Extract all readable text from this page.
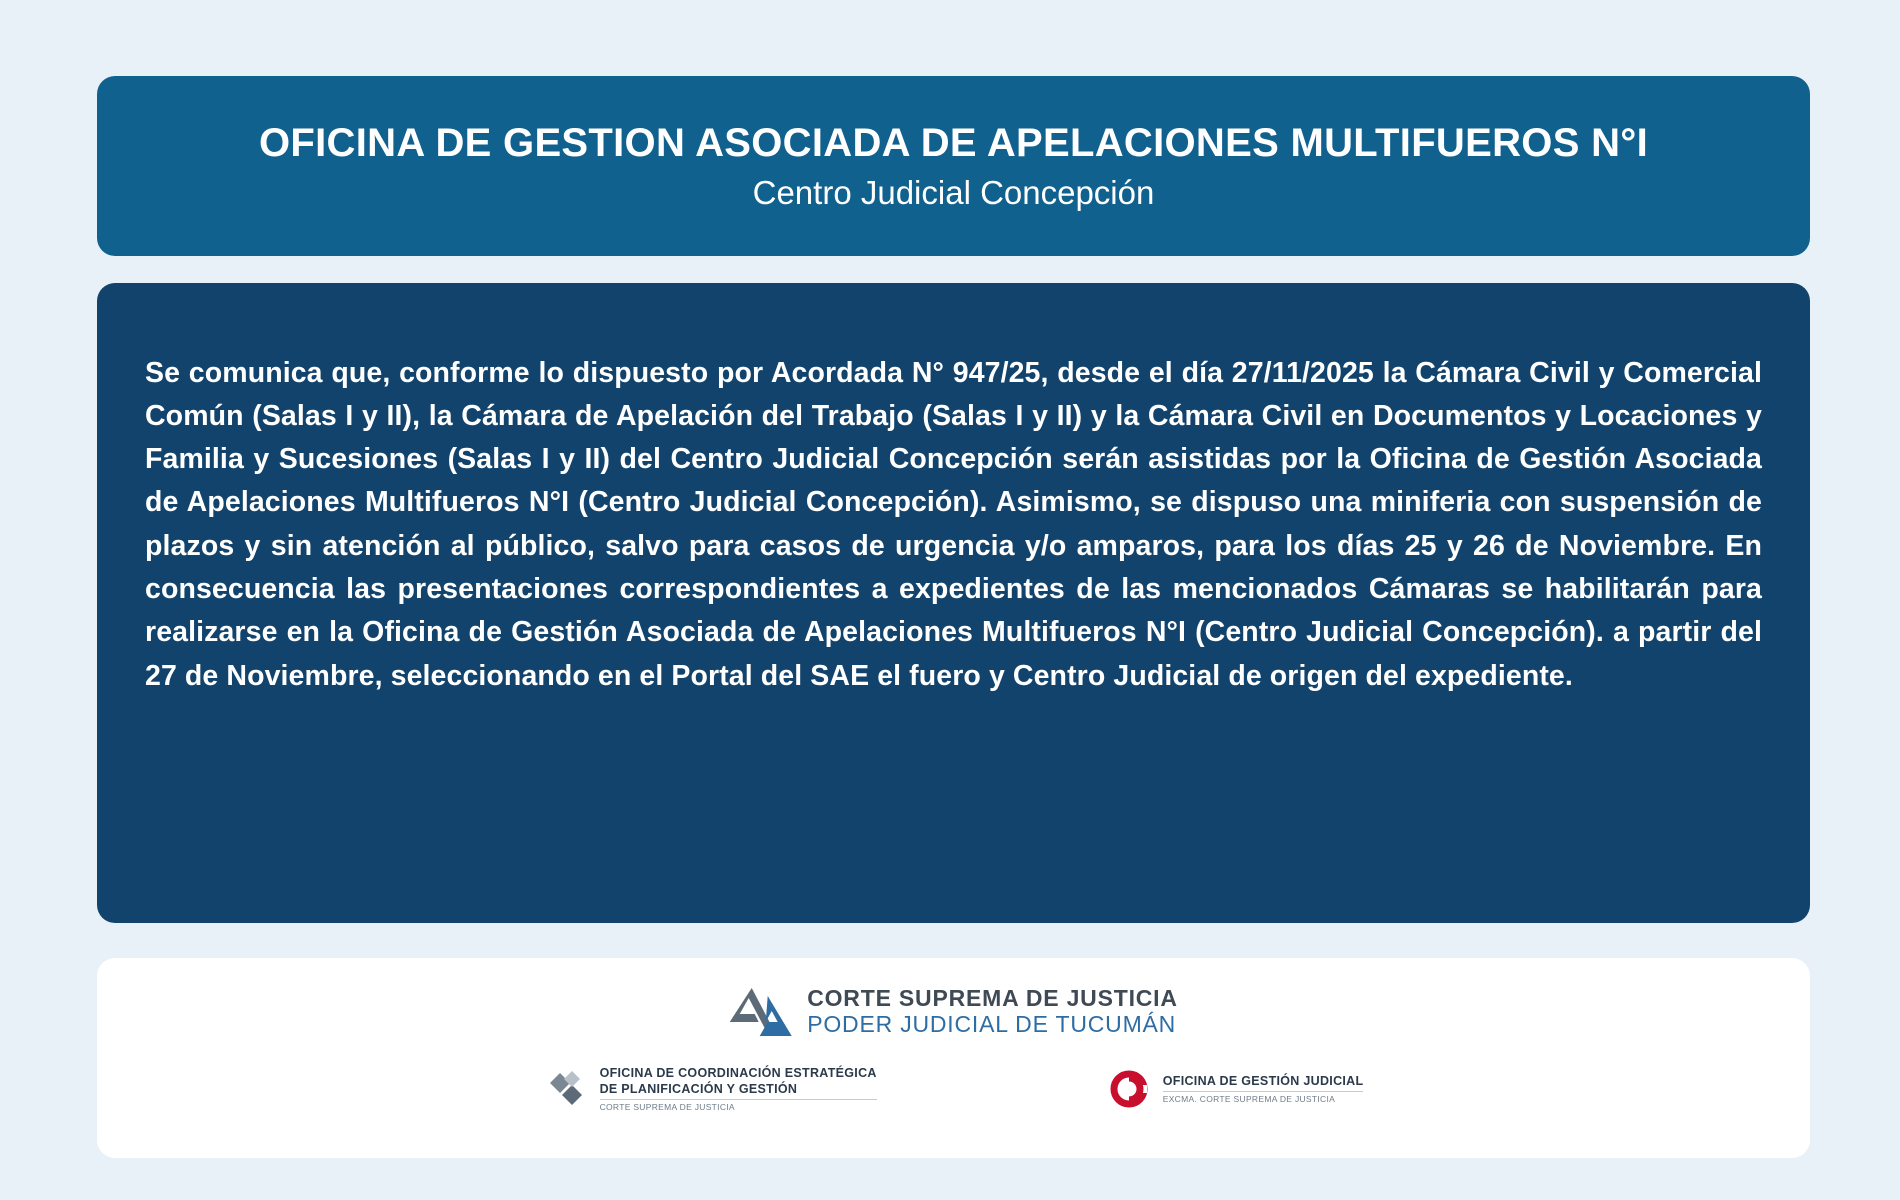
OFICINA DE GESTION ASOCIADA DE APELACIONES MULTIFUEROS N°I
Centro Judicial Concepción

Se comunica que, conforme lo dispuesto por Acordada N° 947/25, desde el día 27/11/2025 la Cámara Civil y Comercial Común (Salas I y II), la Cámara de Apelación del Trabajo (Salas I y II) y la Cámara Civil en Documentos y Locaciones y Familia y Sucesiones (Salas I y II) del Centro Judicial Concepción serán asistidas por la Oficina de Gestión Asociada de Apelaciones Multifueros N°I (Centro Judicial Concepción). Asimismo, se dispuso una miniferia con suspensión de plazos y sin atención al público, salvo para casos de urgencia y/o amparos, para los días 25 y 26 de Noviembre. En consecuencia las presentaciones correspondientes a expedientes de las mencionados Cámaras se habilitarán para realizarse en la Oficina de Gestión Asociada de Apelaciones Multifueros N°I (Centro Judicial Concepción). a partir del 27 de Noviembre, seleccionando en el Portal del SAE el fuero y Centro Judicial de origen del expediente.

CORTE SUPREMA DE JUSTICIA
PODER JUDICIAL DE TUCUMÁN
OFICINA DE COORDINACIÓN ESTRATÉGICA
DE PLANIFICACIÓN Y GESTIÓN
CORTE SUPREMA DE JUSTICIA
OFICINA DE GESTIÓN JUDICIAL
EXCMA. CORTE SUPREMA DE JUSTICIA
